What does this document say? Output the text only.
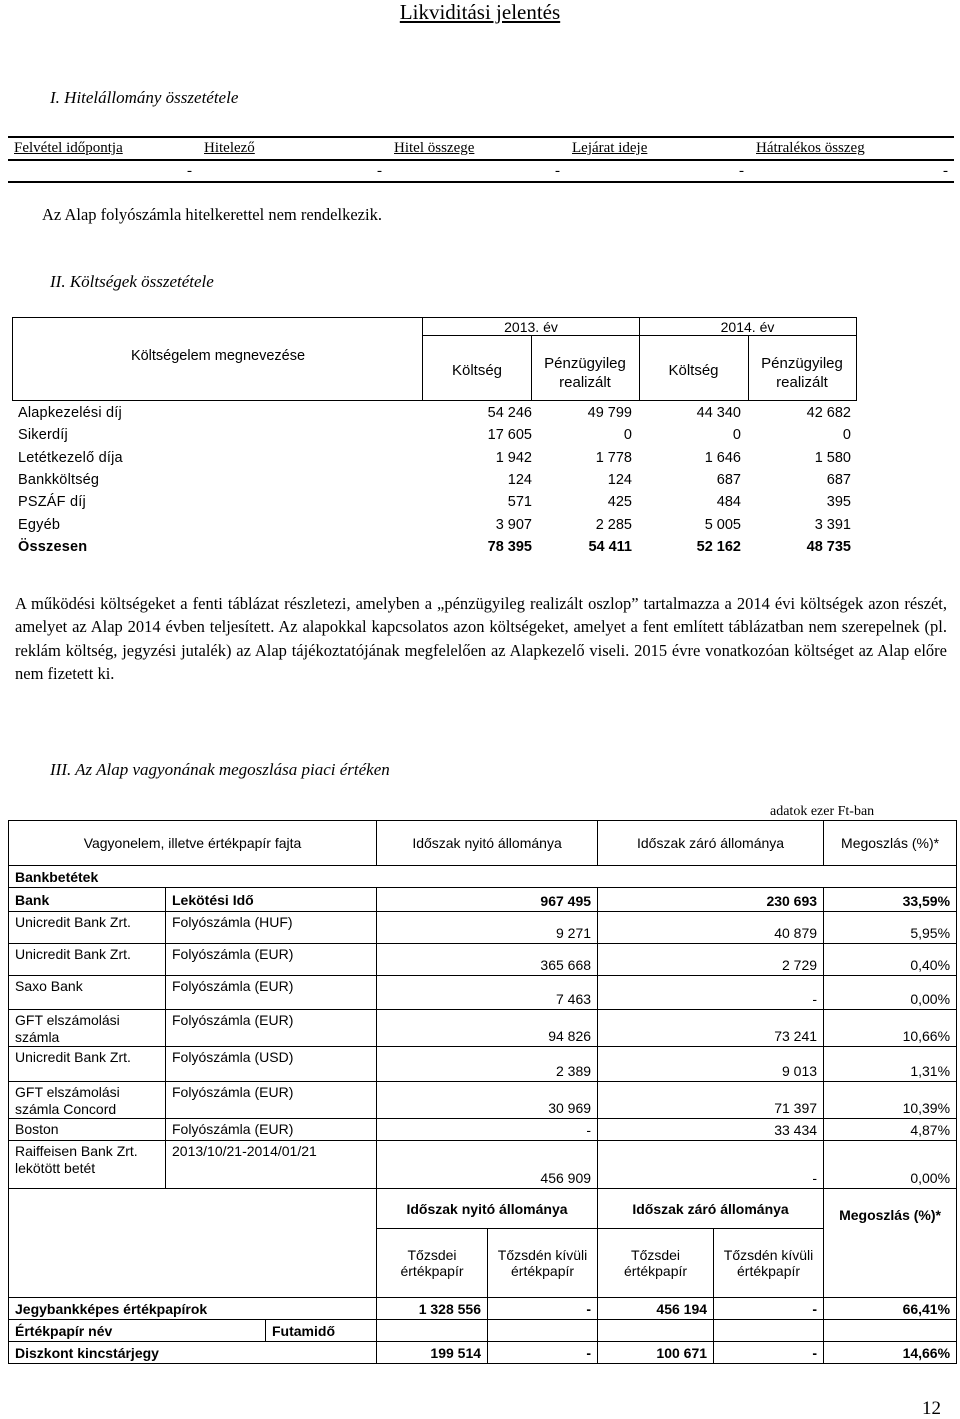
Likviditási jelentés
I. Hitelállomány összetétele
Felvétel időpontja	Hitelező	Hitel összege	Lejárat ideje	Hátralékos összeg
-	-	-	-	-
Az Alap folyószámla hitelkerettel nem rendelkezik.
II. Költségek összetétele
Költségelem megnevezése
2013. év	2014. év
Költség	Pénzügyileg realizált
Költség	Pénzügyileg realizált
Alapkezelési díj	54 246	49 799	44 340	42 682
Sikerdíj	17 605	0	0	0
Letétkezelő díja	1 942	1 778	1 646	1 580
Bankköltség	124	124	687	687
PSZÁF díj	571	425	484	395
Egyéb	3 907	2 285	5 005	3 391
Összesen	78 395	54 411	52 162	48 735
A működési költségeket a fenti táblázat részletezi, amelyben a „pénzügyileg realizált oszlop” tartalmazza a 2014 évi költségek azon részét, amelyet az Alap 2014 évben teljesített. Az alapokkal kapcsolatos azon költségeket, amelyet a fent említett táblázatban nem szerepelnek (pl. reklám költség, jegyzési jutalék) az Alap tájékoztatójának megfelelően az Alapkezelő viseli. 2015 évre vonatkozóan költséget az Alap előre nem fizetett ki.
III. Az Alap vagyonának megoszlása piaci értéken
adatok ezer Ft-ban
Vagyonelem, illetve értékpapír fajta			Időszak nyitó állománya		Időszak záró állománya		Megoszlás (%)*
Bankbetétek							
Bank	Lekötési Idő		967 495		230 693		33,59%
Unicredit Bank Zrt.	Folyószámla (HUF)		9 271		40 879		5,95%
Unicredit Bank Zrt.	Folyószámla (EUR)		365 668		2 729		0,40%
Saxo Bank	Folyószámla (EUR)		7 463		-		0,00%
GFT elszámolási számla	Folyószámla (EUR)		94 826		73 241		10,66%
Unicredit Bank Zrt.	Folyószámla (USD)		2 389		9 013		1,31%
GFT elszámolási számla Concord	Folyószámla (EUR)		30 969		71 397		10,39%
Boston	Folyószámla (EUR)		-		33 434		4,87%
Raiffeisen Bank Zrt. lekötött betét	2013/10/21-2014/01/21		456 909		-		0,00%
			Időszak nyitó állománya		Időszak záró állománya		Megoszlás (%)*
			Tőzsdei értékpapír	Tőzsdén kívüli értékpapír	Tőzsdei értékpapír	Tőzsdén kívüli értékpapír	
Jegybankképes értékpapírok			1 328 556	-	456 194	-	66,41%
Értékpapír név		Futamidő					
Diszkont kincstárjegy			199 514	-	100 671	-	14,66%
12
